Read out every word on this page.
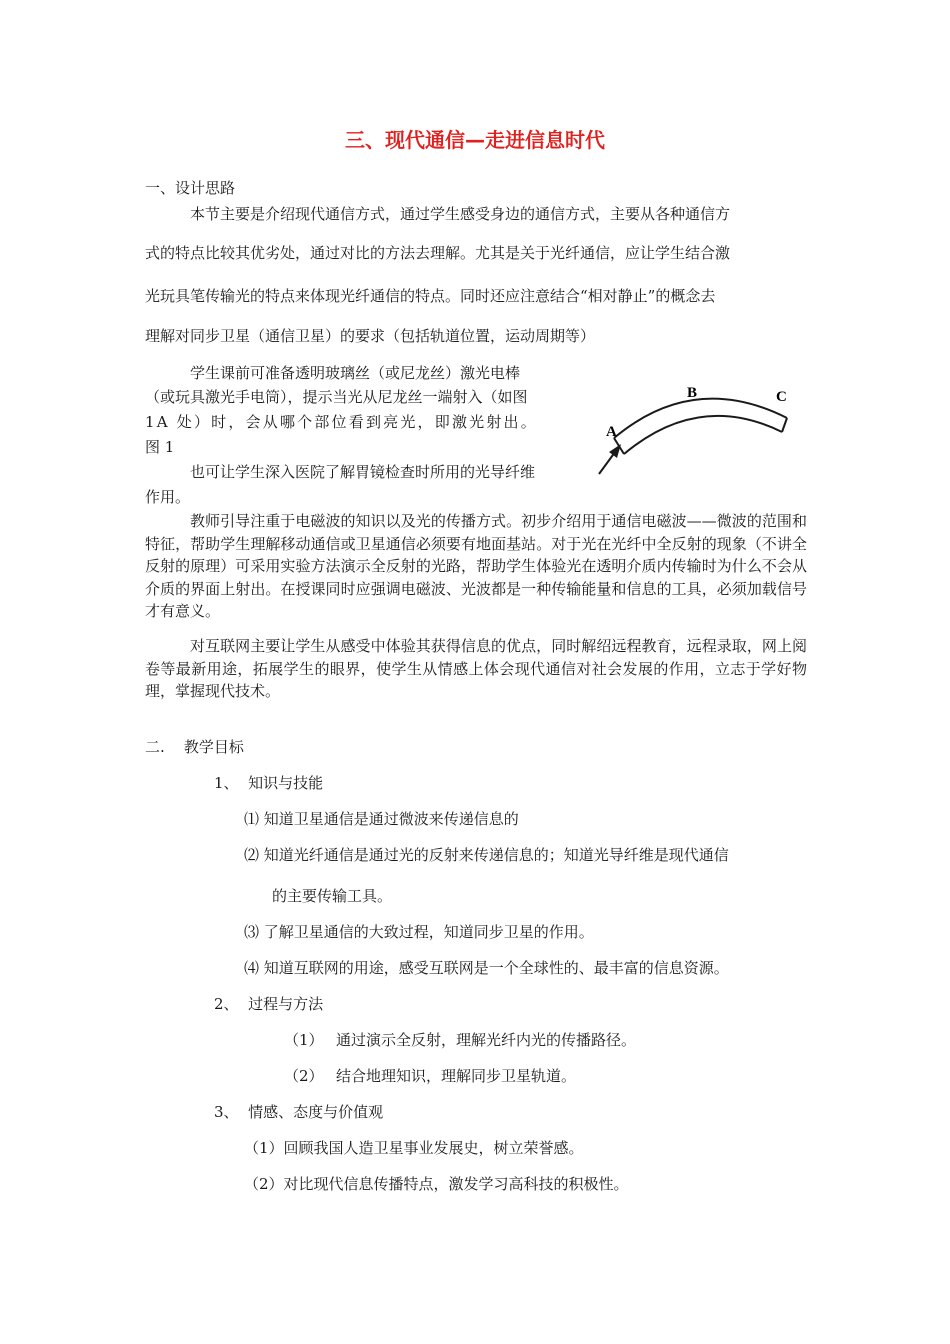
三、现代通信—走进信息时代
一、设计思路
本节主要是介绍现代通信方式，通过学生感受身边的通信方式，主要从各种通信方
式的特点比较其优劣处，通过对比的方法去理解。尤其是关于光纤通信，应让学生结合激
光玩具笔传输光的特点来体现光纤通信的特点。同时还应注意结合“相对静止”的概念去
理解对同步卫星（通信卫星）的要求（包括轨道位置，运动周期等）
学生课前可准备透明玻璃丝（或尼龙丝）激光电棒
（或玩具激光手电筒），提示当光从尼龙丝一端射入（如图
1A 处）时，会从哪个部位看到亮光，即激光射出。
图 1
也可让学生深入医院了解胃镜检查时所用的光导纤维
作用。
A
B	C
教师引导注重于电磁波的知识以及光的传播方式。初步介绍用于通信电磁波——微波的范围和特征，帮助学生理解移动通信或卫星通信必须要有地面基站。对于光在光纤中全反射的现象（不讲全反射的原理）可采用实验方法演示全反射的光路，帮助学生体验光在透明介质内传输时为什么不会从介质的界面上射出。在授课同时应强调电磁波、光波都是一种传输能量和信息的工具，必须加载信号才有意义。
对互联网主要让学生从感受中体验其获得信息的优点，同时解绍远程教育，远程录取，网上阅卷等最新用途，拓展学生的眼界，使学生从情感上体会现代通信对社会发展的作用，立志于学好物理，掌握现代技术。
二.    教学目标
1、  知识与技能
⑴ 知道卫星通信是通过微波来传递信息的
⑵ 知道光纤通信是通过光的反射来传递信息的；知道光导纤维是现代通信
的主要传输工具。
⑶ 了解卫星通信的大致过程，知道同步卫星的作用。
⑷ 知道互联网的用途，感受互联网是一个全球性的、最丰富的信息资源。
2、  过程与方法
（1） 通过演示全反射，理解光纤内光的传播路径。
（2） 结合地理知识，理解同步卫星轨道。
3、  情感、态度与价值观
（1）回顾我国人造卫星事业发展史，树立荣誉感。
（2）对比现代信息传播特点，激发学习高科技的积极性。
